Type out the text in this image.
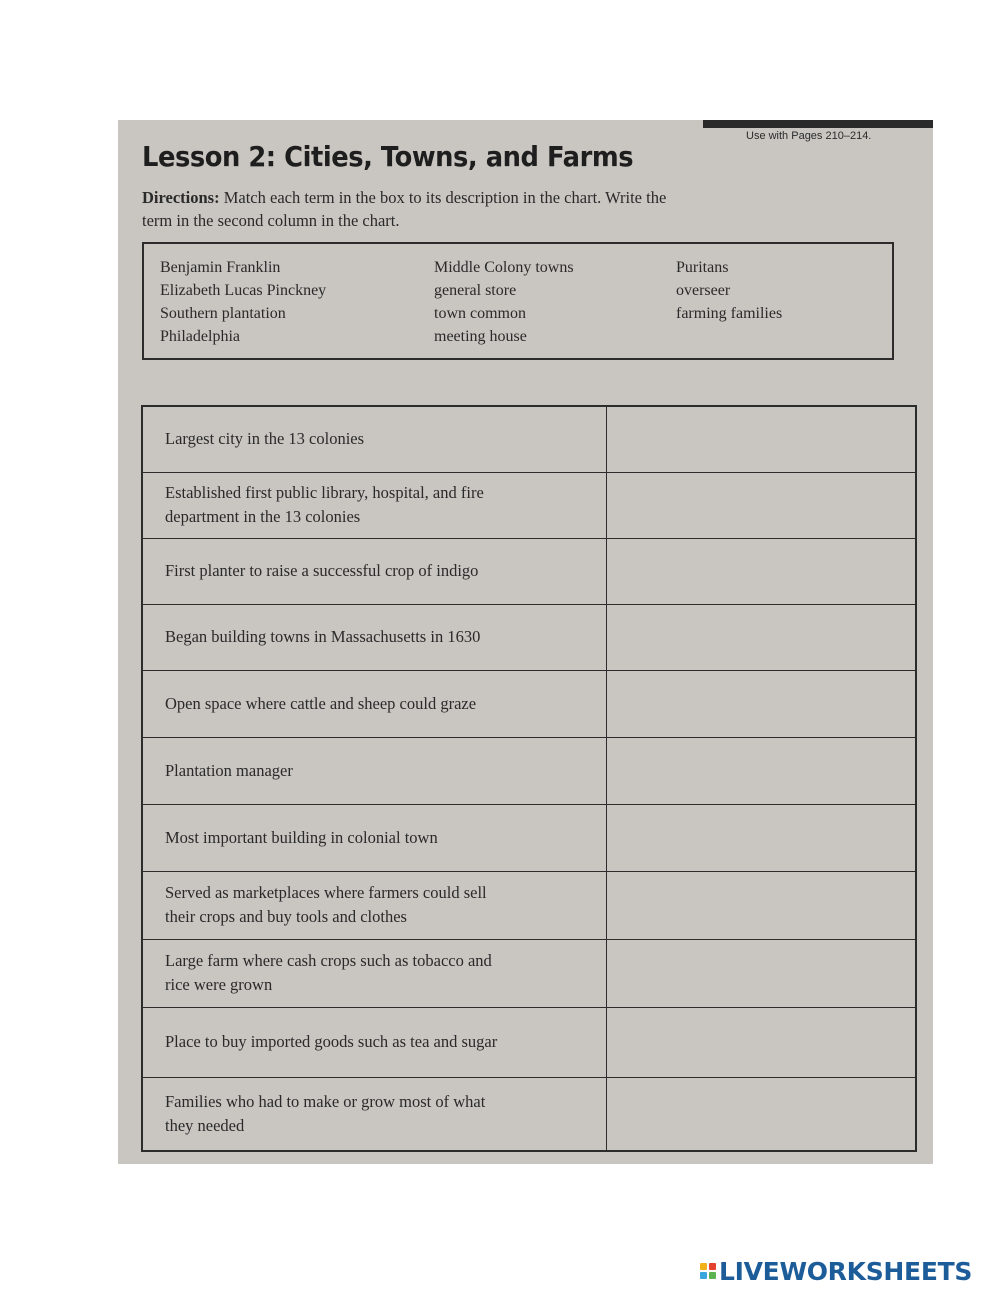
Use with Pages 210–214.
Lesson 2: Cities, Towns, and Farms
Directions: Match each term in the box to its description in the chart. Write the
term in the second column in the chart.
Benjamin Franklin
Elizabeth Lucas Pinckney
Southern plantation
Philadelphia
Middle Colony towns
general store
town common
meeting house
Puritans
overseer
farming families
Largest city in the 13 colonies	
Established first public library, hospital, and fire
department in the 13 colonies	
First planter to raise a successful crop of indigo	
Began building towns in Massachusetts in 1630	
Open space where cattle and sheep could graze	
Plantation manager	
Most important building in colonial town	
Served as marketplaces where farmers could sell
their crops and buy tools and clothes	
Large farm where cash crops such as tobacco and
rice were grown	
Place to buy imported goods such as tea and sugar	
Families who had to make or grow most of what
they needed	
LIVEWORKSHEETS
